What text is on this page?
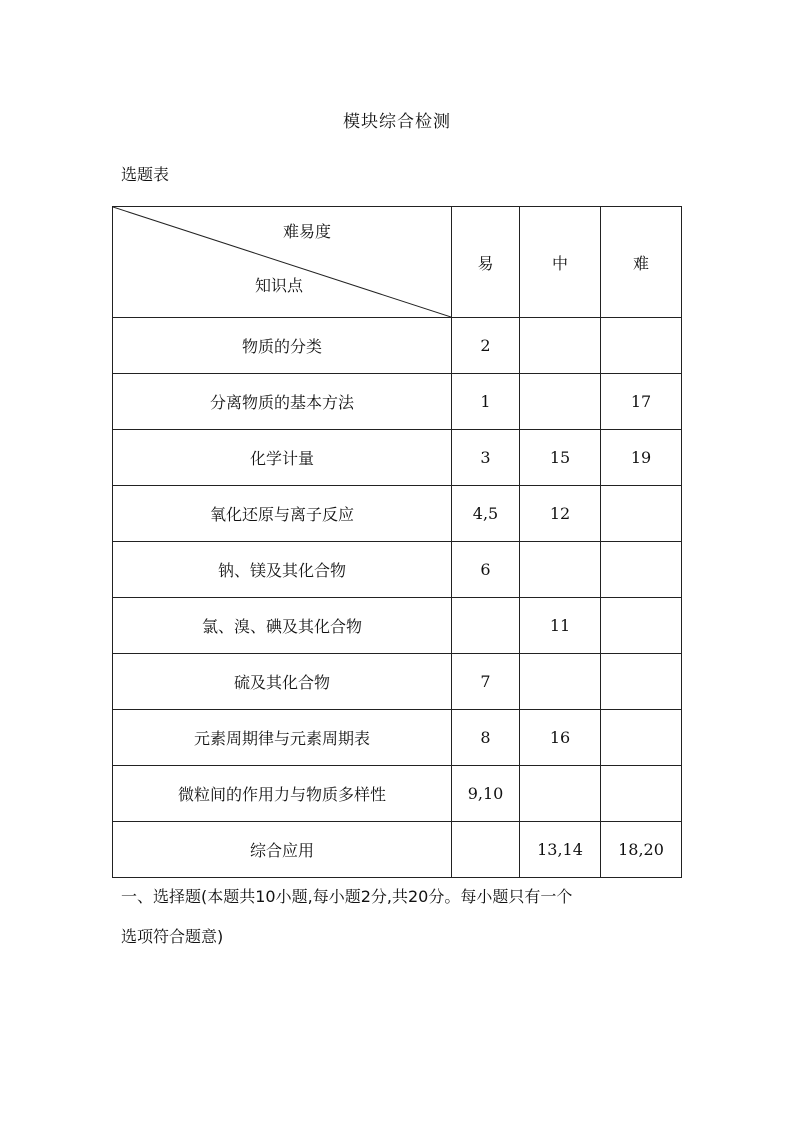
模块综合检测
选题表
难易度
知识点	易	中	难
物质的分类	2		
分离物质的基本方法	1		17
化学计量	3	15	19
氧化还原与离子反应	4,5	12	
钠、镁及其化合物	6		
氯、溴、碘及其化合物		11	
硫及其化合物	7		
元素周期律与元素周期表	8	16	
微粒间的作用力与物质多样性	9,10		
综合应用		13,14	18,20
一、选择题(本题共10小题,每小题2分,共20分。每小题只有一个
选项符合题意)
